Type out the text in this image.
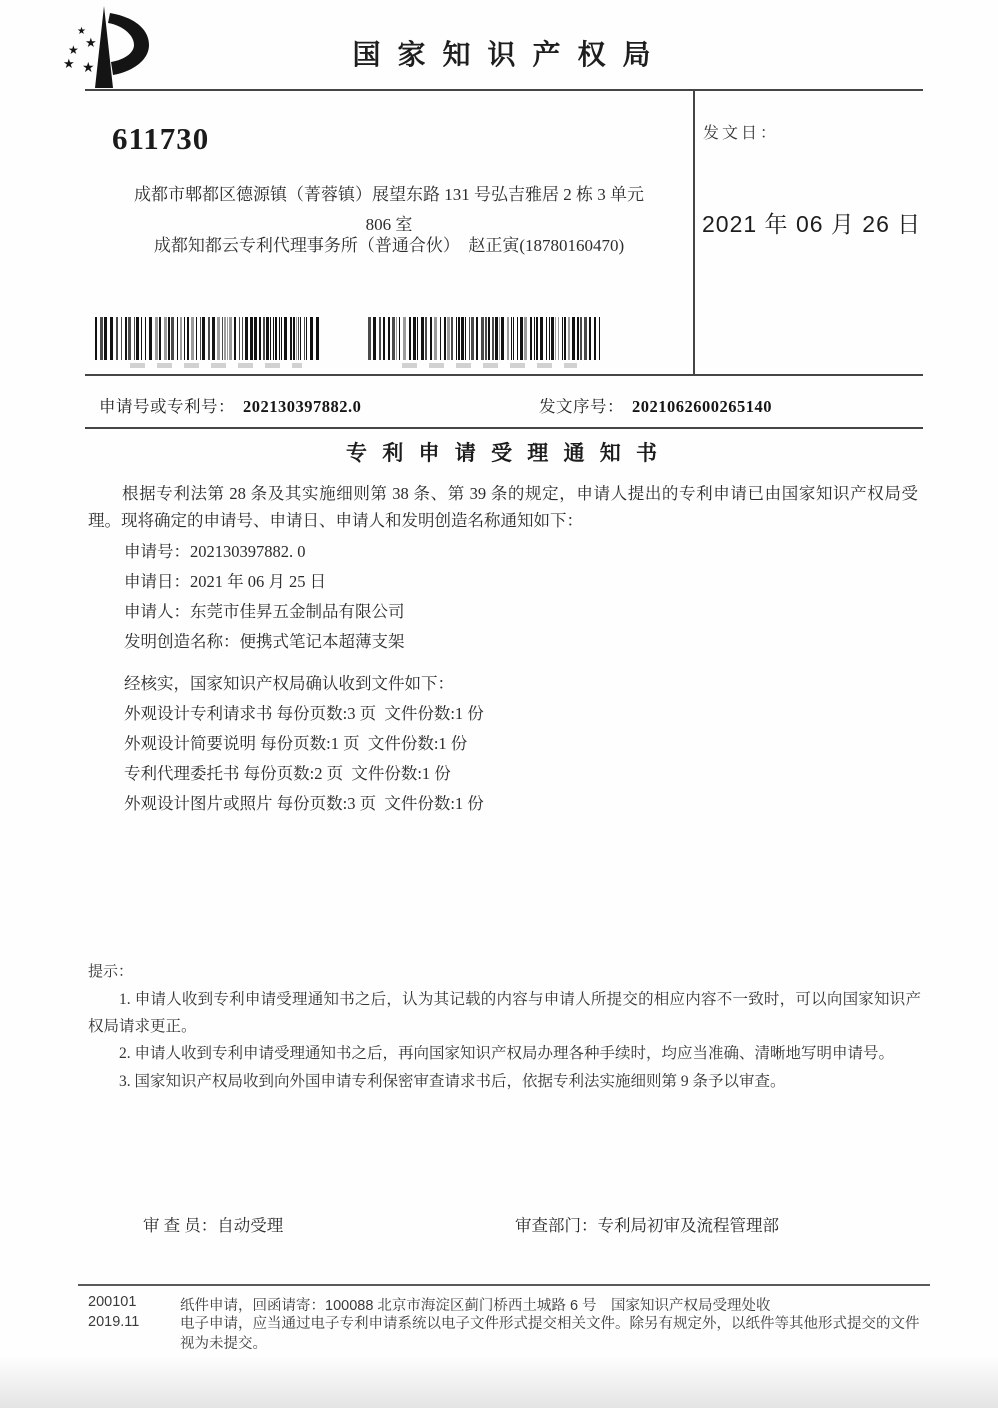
★
★
★
★ ★	国 家 知 识 产 权 局
611730
成都市郫都区德源镇（菁蓉镇）展望东路 131 号弘吉雅居 2 栋 3 单元
806 室
成都知都云专利代理事务所（普通合伙）　赵正寅(18780160470)
发文日：
2021 年 06 月 26 日
申请号或专利号： 202130397882.0	发文序号： 2021062600265140
专 利 申 请 受 理 通 知 书
根据专利法第 28 条及其实施细则第 38 条、第 39 条的规定，申请人提出的专利申请已由国家知识产权局受理。现将确定的申请号、申请日、申请人和发明创造名称通知如下：
申请号：202130397882. 0
申请日：2021 年 06 月 25 日
申请人：东莞市佳昇五金制品有限公司
发明创造名称：便携式笔记本超薄支架
经核实，国家知识产权局确认收到文件如下：
外观设计专利请求书 每份页数:3 页  文件份数:1 份
外观设计简要说明 每份页数:1 页  文件份数:1 份
专利代理委托书 每份页数:2 页  文件份数:1 份
外观设计图片或照片 每份页数:3 页  文件份数:1 份
提示：
1. 申请人收到专利申请受理通知书之后，认为其记载的内容与申请人所提交的相应内容不一致时，可以向国家知识产权局请求更正。
2. 申请人收到专利申请受理通知书之后，再向国家知识产权局办理各种手续时，均应当准确、清晰地写明申请号。
3. 国家知识产权局收到向外国申请专利保密审查请求书后，依据专利法实施细则第 9 条予以审查。
审 查 员：自动受理	审查部门：专利局初审及流程管理部
200101
2019.11
纸件申请，回函请寄：100088 北京市海淀区蓟门桥西土城路 6 号　国家知识产权局受理处收
电子申请，应当通过电子专利申请系统以电子文件形式提交相关文件。除另有规定外，以纸件等其他形式提交的文件视为未提交。
